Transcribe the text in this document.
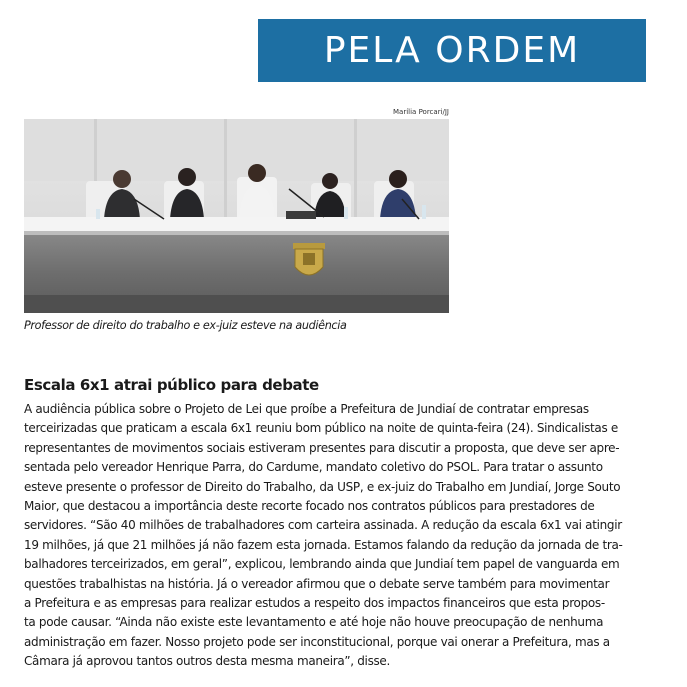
PELA ORDEM
Marília Porcari/JJ
Professor de direito do trabalho e ex-juiz esteve na audiência
Escala 6x1 atrai público para debate
A audiência pública sobre o Projeto de Lei que proíbe a Prefeitura de Jundiaí de contratar empresas
terceirizadas que praticam a escala 6x1 reuniu bom público na noite de quinta-feira (24). Sindicalistas e
representantes de movimentos sociais estiveram presentes para discutir a proposta, que deve ser apre-
sentada pelo vereador Henrique Parra, do Cardume, mandato coletivo do PSOL. Para tratar o assunto
esteve presente o professor de Direito do Trabalho, da USP, e ex-juiz do Trabalho em Jundiaí, Jorge Souto
Maior, que destacou a importância deste recorte focado nos contratos públicos para prestadores de
servidores. “São 40 milhões de trabalhadores com carteira assinada. A redução da escala 6x1 vai atingir
19 milhões, já que 21 milhões já não fazem esta jornada. Estamos falando da redução da jornada de tra-
balhadores terceirizados, em geral”, explicou, lembrando ainda que Jundiaí tem papel de vanguarda em
questões trabalhistas na história. Já o vereador afirmou que o debate serve também para movimentar
a Prefeitura e as empresas para realizar estudos a respeito dos impactos financeiros que esta propos-
ta pode causar. “Ainda não existe este levantamento e até hoje não houve preocupação de nenhuma
administração em fazer. Nosso projeto pode ser inconstitucional, porque vai onerar a Prefeitura, mas a
Câmara já aprovou tantos outros desta mesma maneira”, disse.
